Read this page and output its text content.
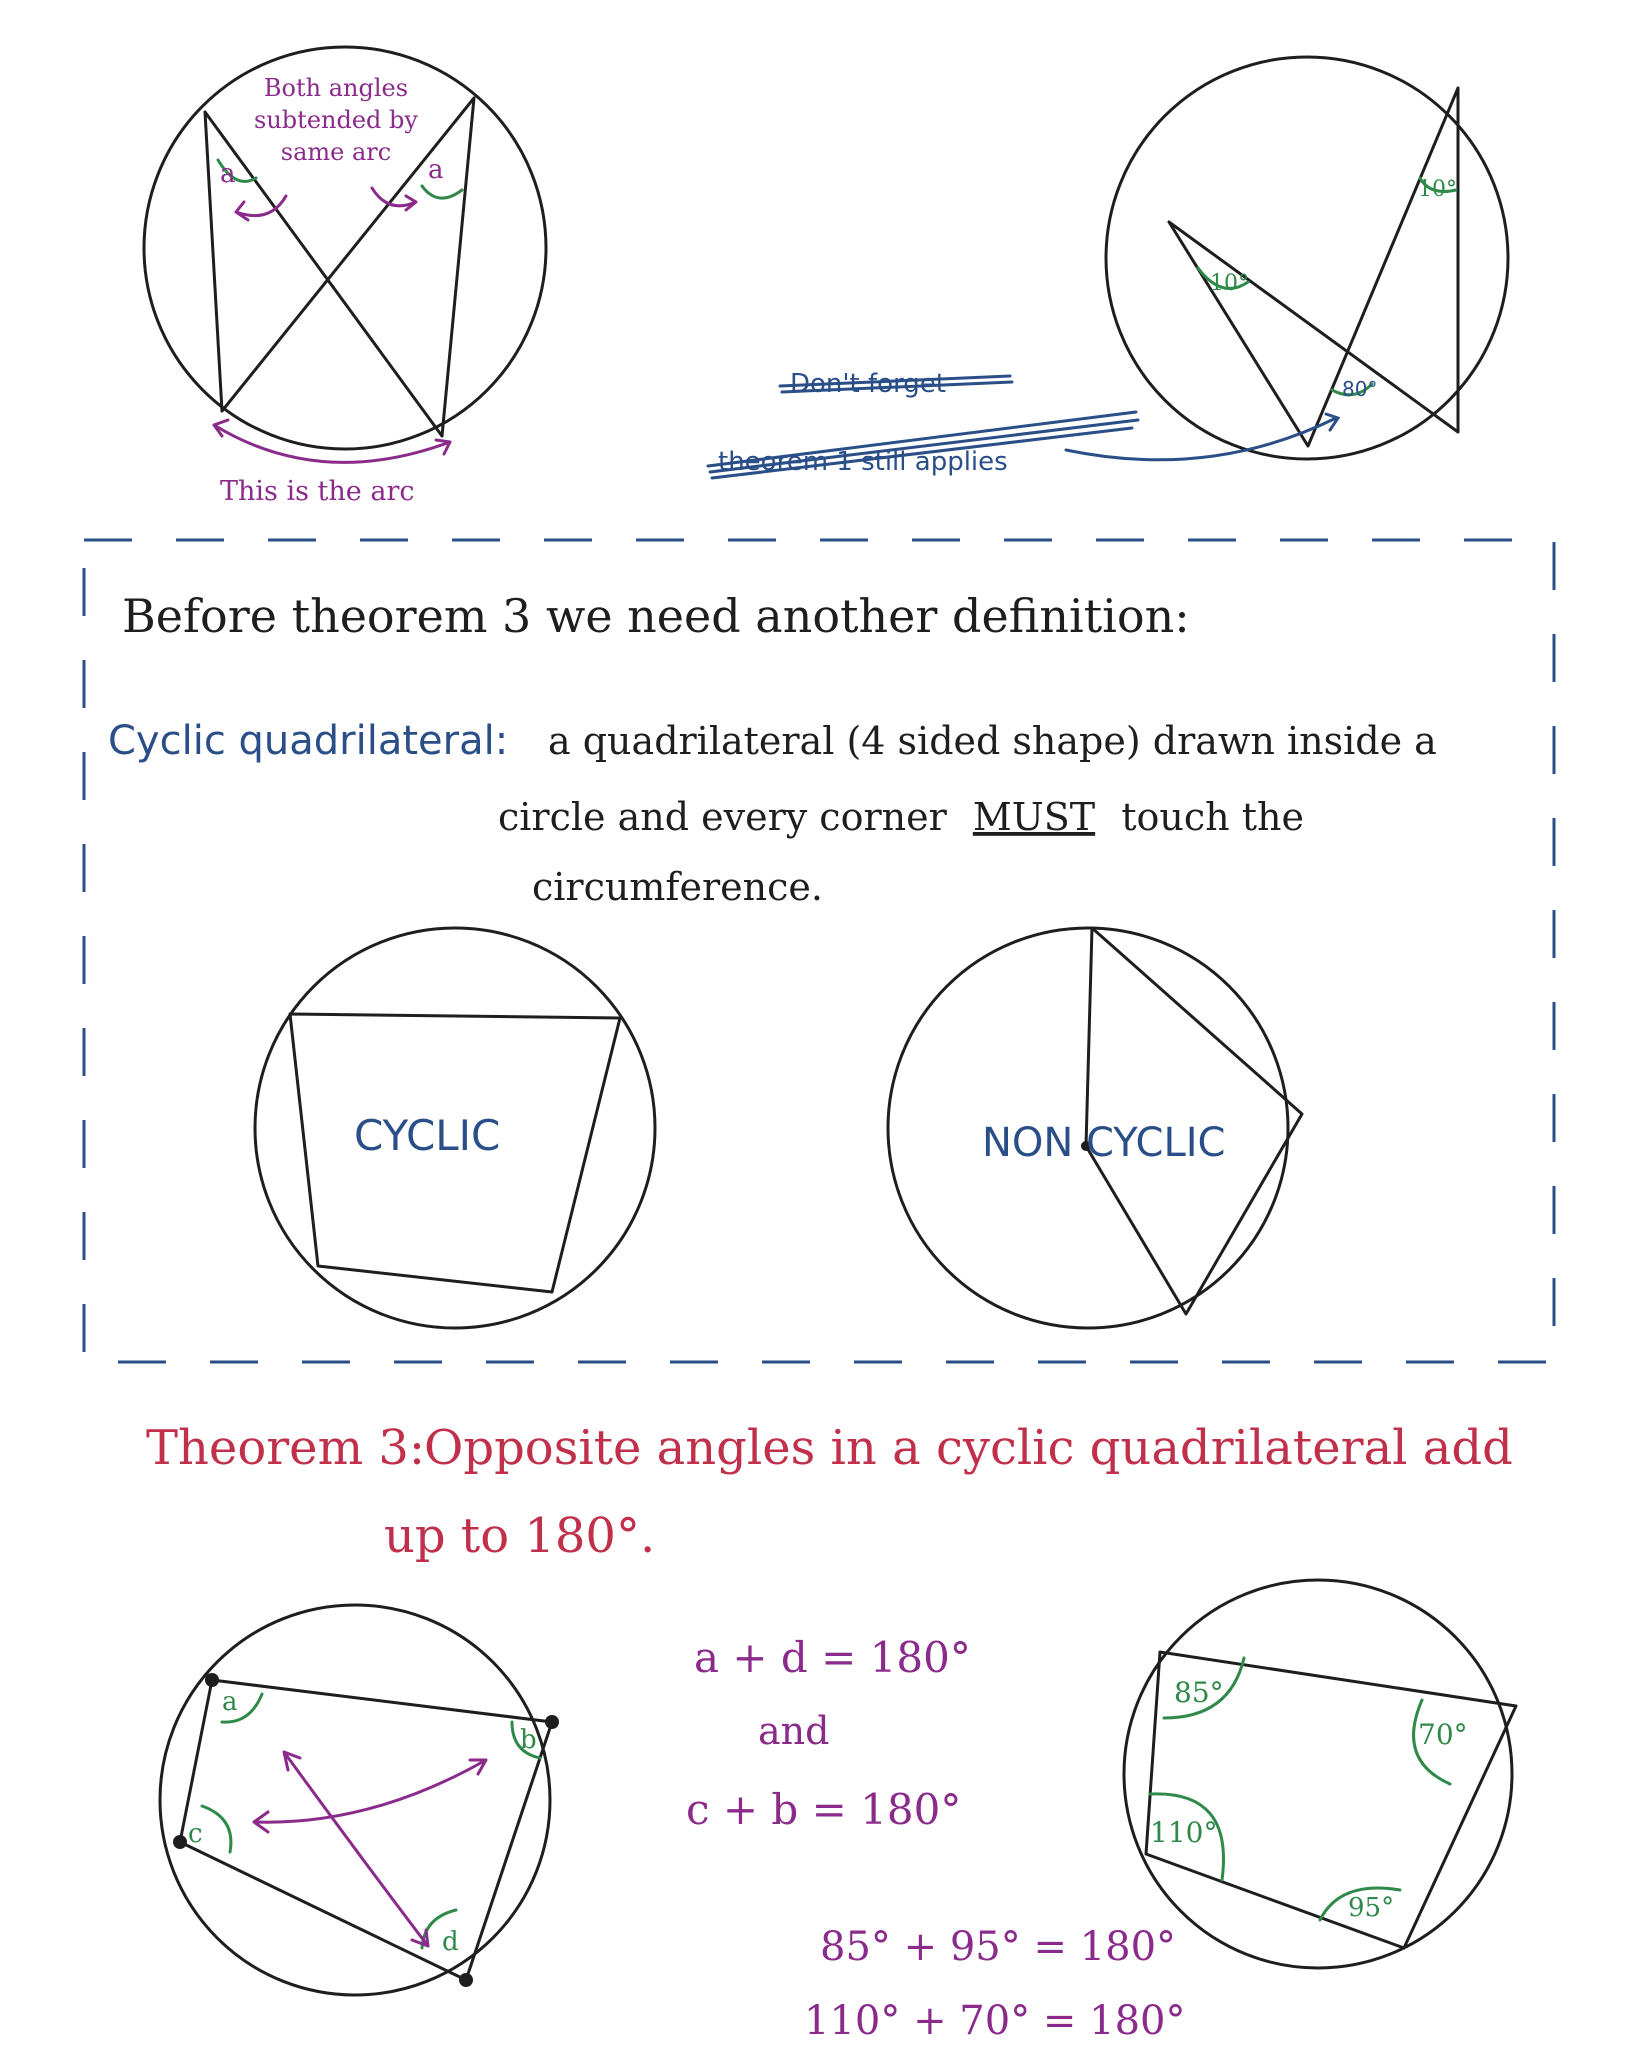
a	a
Both angles subtended by same arc
This is the arc
10°
10°
80°
Don't forget
theorem 1 still applies
Before theorem 3 we need another definition:
Cyclic quadrilateral: a quadrilateral (4 sided shape) drawn inside a
circle and every corner MUST touch the
circumference.
CYCLIC	NON CYCLIC
Theorem 3:
Opposite angles in a cyclic quadrilateral add
up to 180°.
a
b
c
d
a + d = 180°
and
c + b = 180°
85° + 95° = 180°
110° + 70° = 180°
85°
70°
110°
95°
